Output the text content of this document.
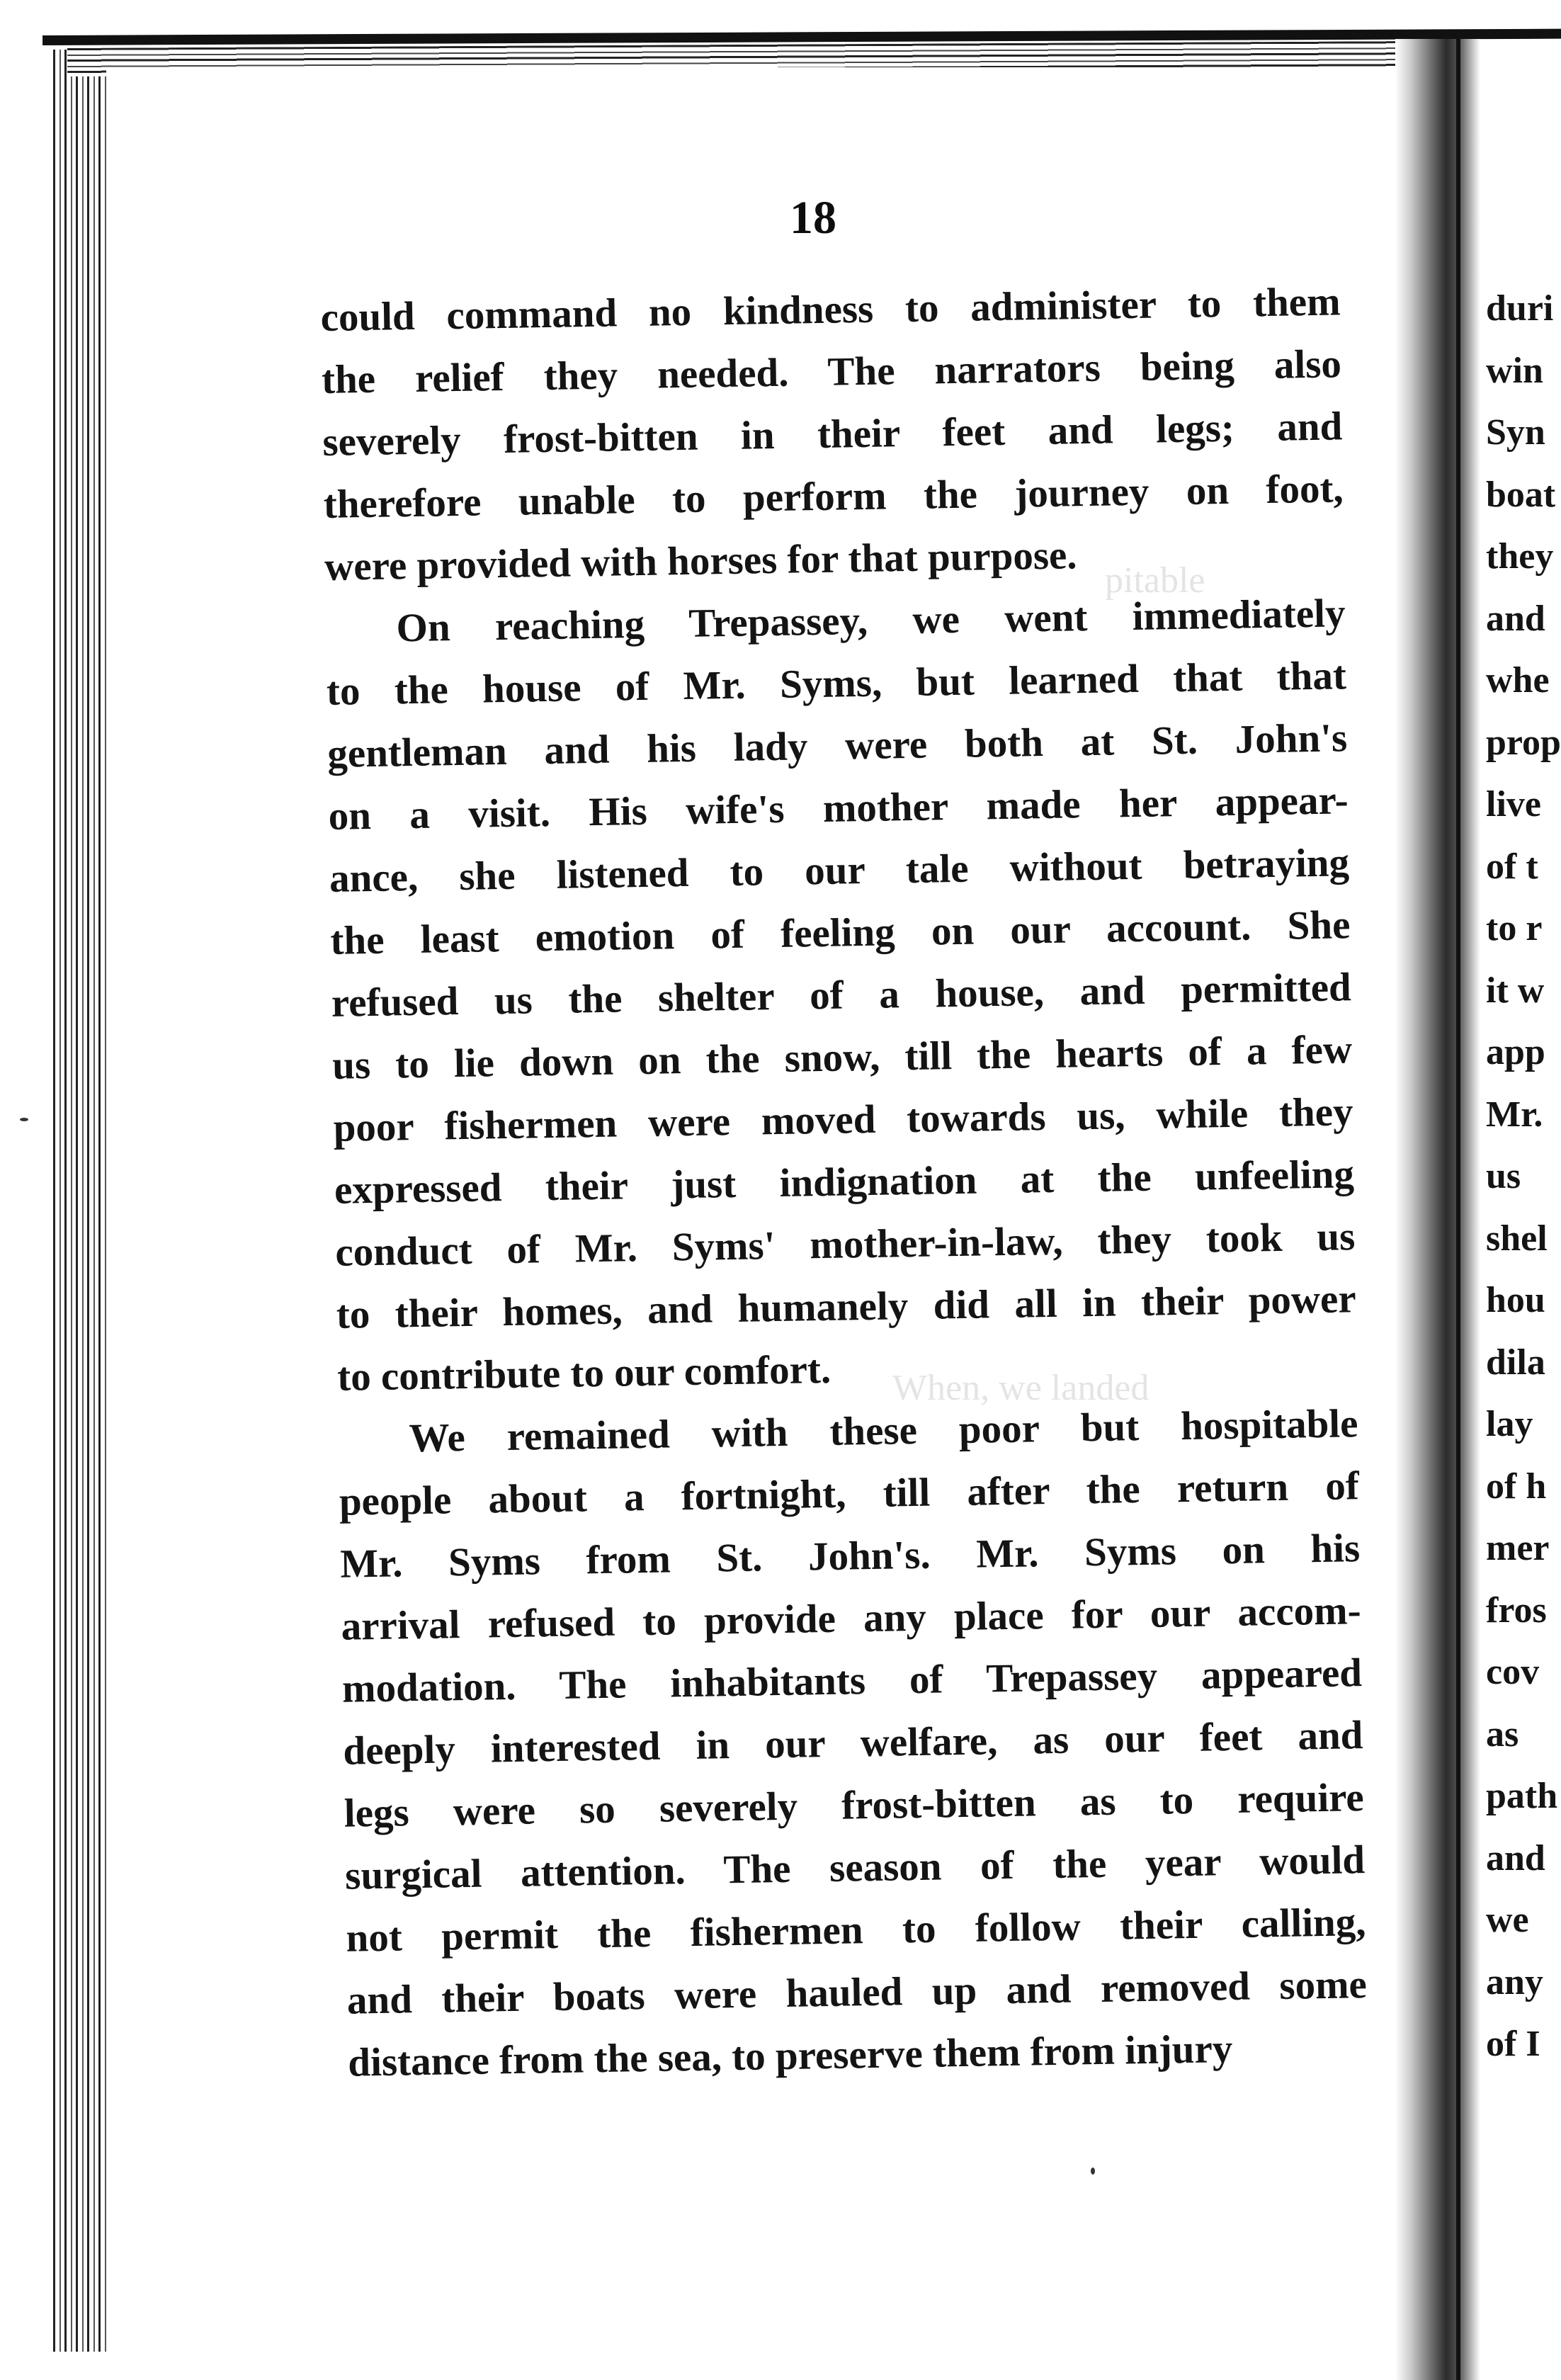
pitable
When, we landed
18
could command no kindness to administer to them
the relief they needed. The narrators being also
severely frost-bitten in their feet and legs; and
therefore unable to perform the journey on foot,
were provided with horses for that purpose.
On reaching Trepassey, we went immediately
to the house of Mr. Syms, but learned that that
gentleman and his lady were both at St. John's
on a visit. His wife's mother made her appear-
ance, she listened to our tale without betraying
the least emotion of feeling on our account. She
refused us the shelter of a house, and permitted
us to lie down on the snow, till the hearts of a few
poor fishermen were moved towards us, while they
expressed their just indignation at the unfeeling
conduct of Mr. Syms' mother-in-law, they took us
to their homes, and humanely did all in their power
to contribute to our comfort.
We remained with these poor but hospitable
people about a fortnight, till after the return of
Mr. Syms from St. John's. Mr. Syms on his
arrival refused to provide any place for our accom-
modation. The inhabitants of Trepassey appeared
deeply interested in our welfare, as our feet and
legs were so severely frost-bitten as to require
surgical attention. The season of the year would
not permit the fishermen to follow their calling,
and their boats were hauled up and removed some
distance from the sea, to preserve them from injury
duri
win
Syn
boat
they
and
whe
prop
live
of t
to r
it w
app
Mr.
us
shel
hou
dila
lay
of h
mer
fros
cov
as
path
and
we
any
of I
